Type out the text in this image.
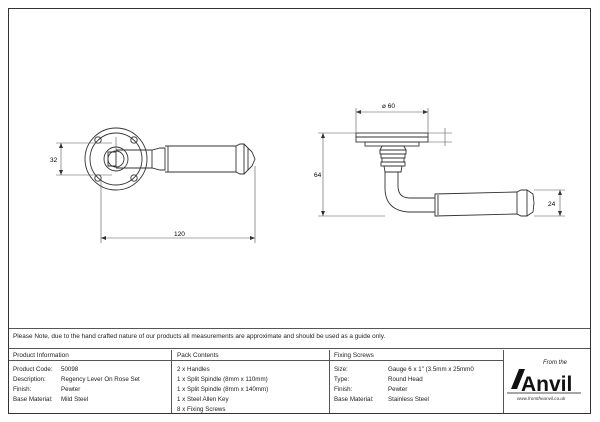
32
120
⌀ 60
64
24
Please Note, due to the hand crafted nature of our products all measurements are approximate and should be used as a guide only.
Product Information	Pack Contents	Fixing Screws
Product Code: 50098
Description: Regency Lever On Rose Set
Finish:	Pewter
Base Material: Mild Steel
2 x Handles
1 x Split Spindle (8mm x 110mm)
1 x Split Spindle (8mm x 140mm)
1 x Steel Allen Key
8 x Fixing Screws
Size:	Gauge 6 x 1" (3.5mm x 25mm0
Type:	Round Head
Finish:	Pewter
Base Material: Stainless Steel
From the
Anvil
www.fromtheanvil.co.uk
